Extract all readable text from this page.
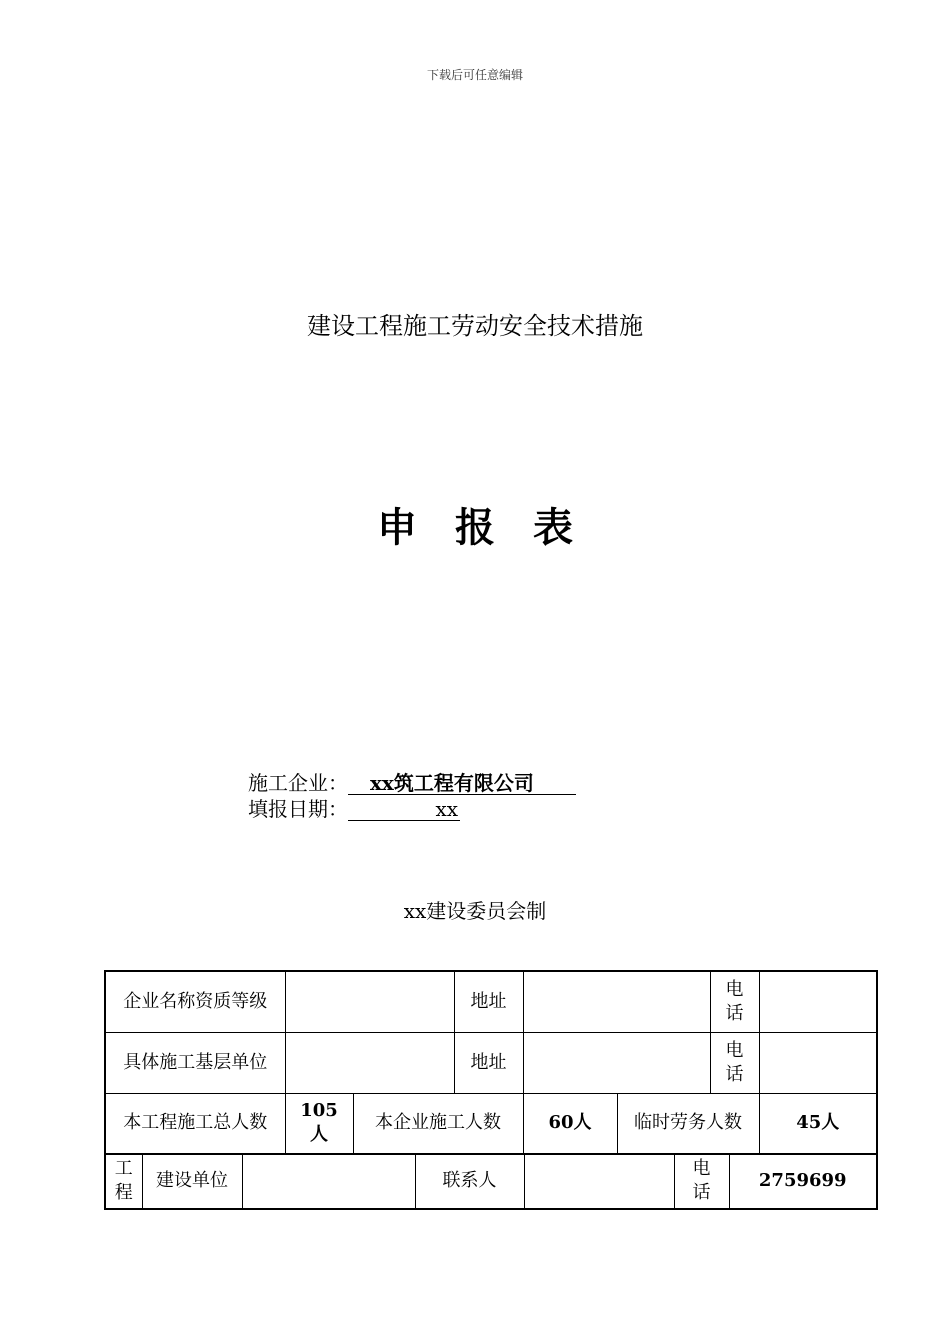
下载后可任意编辑
建设工程施工劳动安全技术措施
申报表
施工企业： xx筑工程有限公司
填报日期：	xx
xx建设委员会制
企业名称资质等级			地址			电
话	
具体施工基层单位			地址			电
话	
本工程施工总人数	105
人	本企业施工人数		60人	临时劳务人数		45人
工
程	建设单位		联系人		电
话	2759699
